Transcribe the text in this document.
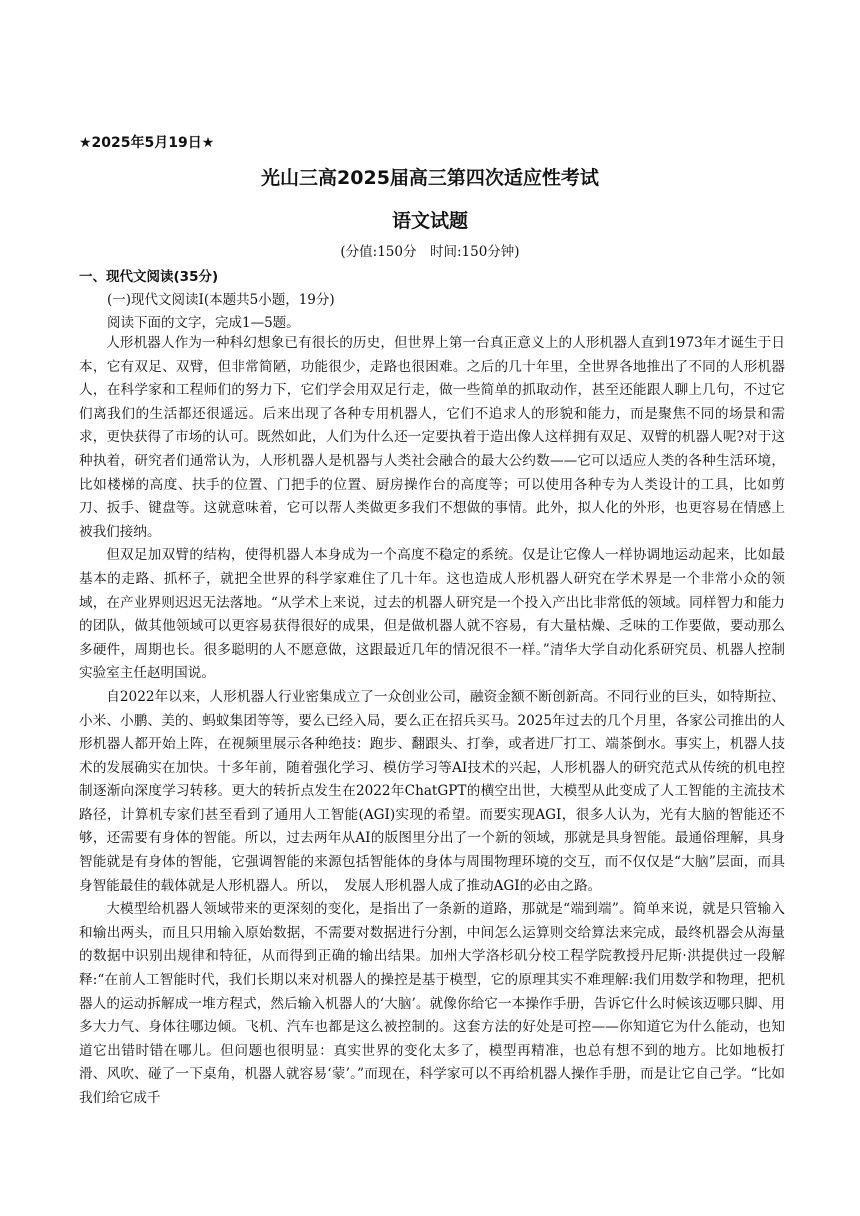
★2025年5月19日★
光山三高2025届高三第四次适应性考试
语文试题
(分值:150分　时间:150分钟)
一、现代文阅读(35分)
(一)现代文阅读Ⅰ(本题共5小题，19分)
阅读下面的文字，完成1—5题。

人形机器人作为一种科幻想象已有很长的历史，但世界上第一台真正意义上的人形机器人直到1973年才诞生于日本，它有双足、双臂，但非常简陋，功能很少，走路也很困难。之后的几十年里，全世界各地推出了不同的人形机器人，在科学家和工程师们的努力下，它们学会用双足行走，做一些简单的抓取动作，甚至还能跟人聊上几句，不过它们离我们的生活都还很遥远。后来出现了各种专用机器人，它们不追求人的形貌和能力，而是聚焦不同的场景和需求，更快获得了市场的认可。既然如此，人们为什么还一定要执着于造出像人这样拥有双足、双臂的机器人呢?对于这种执着，研究者们通常认为，人形机器人是机器与人类社会融合的最大公约数——它可以适应人类的各种生活环境，比如楼梯的高度、扶手的位置、门把手的位置、厨房操作台的高度等；可以使用各种专为人类设计的工具，比如剪刀、扳手、键盘等。这就意味着，它可以帮人类做更多我们不想做的事情。此外，拟人化的外形，也更容易在情感上被我们接纳。

但双足加双臂的结构，使得机器人本身成为一个高度不稳定的系统。仅是让它像人一样协调地运动起来，比如最基本的走路、抓杯子，就把全世界的科学家难住了几十年。这也造成人形机器人研究在学术界是一个非常小众的领域，在产业界则迟迟无法落地。“从学术上来说，过去的机器人研究是一个投入产出比非常低的领域。同样智力和能力的团队，做其他领域可以更容易获得很好的成果，但是做机器人就不容易，有大量枯燥、乏味的工作要做，要动那么多硬件，周期也长。很多聪明的人不愿意做，这跟最近几年的情况很不一样。”清华大学自动化系研究员、机器人控制实验室主任赵明国说。

自2022年以来，人形机器人行业密集成立了一众创业公司，融资金额不断创新高。不同行业的巨头，如特斯拉、小米、小鹏、美的、蚂蚁集团等等，要么已经入局，要么正在招兵买马。2025年过去的几个月里，各家公司推出的人形机器人都开始上阵，在视频里展示各种绝技：跑步、翻跟头、打拳，或者进厂打工、端茶倒水。事实上，机器人技术的发展确实在加快。十多年前，随着强化学习、模仿学习等AI技术的兴起，人形机器人的研究范式从传统的机电控制逐渐向深度学习转移。更大的转折点发生在2022年ChatGPT的横空出世，大模型从此变成了人工智能的主流技术路径，计算机专家们甚至看到了通用人工智能(AGI)实现的希望。而要实现AGI，很多人认为，光有大脑的智能还不够，还需要有身体的智能。所以，过去两年从AI的版图里分出了一个新的领域，那就是具身智能。最通俗理解，具身智能就是有身体的智能，它强调智能的来源包括智能体的身体与周围物理环境的交互，而不仅仅是“大脑”层面，而具身智能最佳的载体就是人形机器人。所以，　发展人形机器人成了推动AGI的必由之路。

大模型给机器人领域带来的更深刻的变化，是指出了一条新的道路，那就是“端到端”。简单来说，就是只管输入和输出两头，而且只用输入原始数据，不需要对数据进行分割，中间怎么运算则交给算法来完成，最终机器会从海量的数据中识别出规律和特征，从而得到正确的输出结果。加州大学洛杉矶分校工程学院教授丹尼斯·洪提供过一段解释:“在前人工智能时代，我们长期以来对机器人的操控是基于模型，它的原理其实不难理解:我们用数学和物理，把机器人的运动拆解成一堆方程式，然后输入机器人的‘大脑’。就像你给它一本操作手册，告诉它什么时候该迈哪只脚、用多大力气、身体往哪边倾。飞机、汽车也都是这么被控制的。这套方法的好处是可控——你知道它为什么能动，也知道它出错时错在哪儿。但问题也很明显：真实世界的变化太多了，模型再精准，也总有想不到的地方。比如地板打滑、风吹、碰了一下桌角，机器人就容易‘蒙’。”而现在，科学家可以不再给机器人操作手册，而是让它自己学。“比如我们给它成千
